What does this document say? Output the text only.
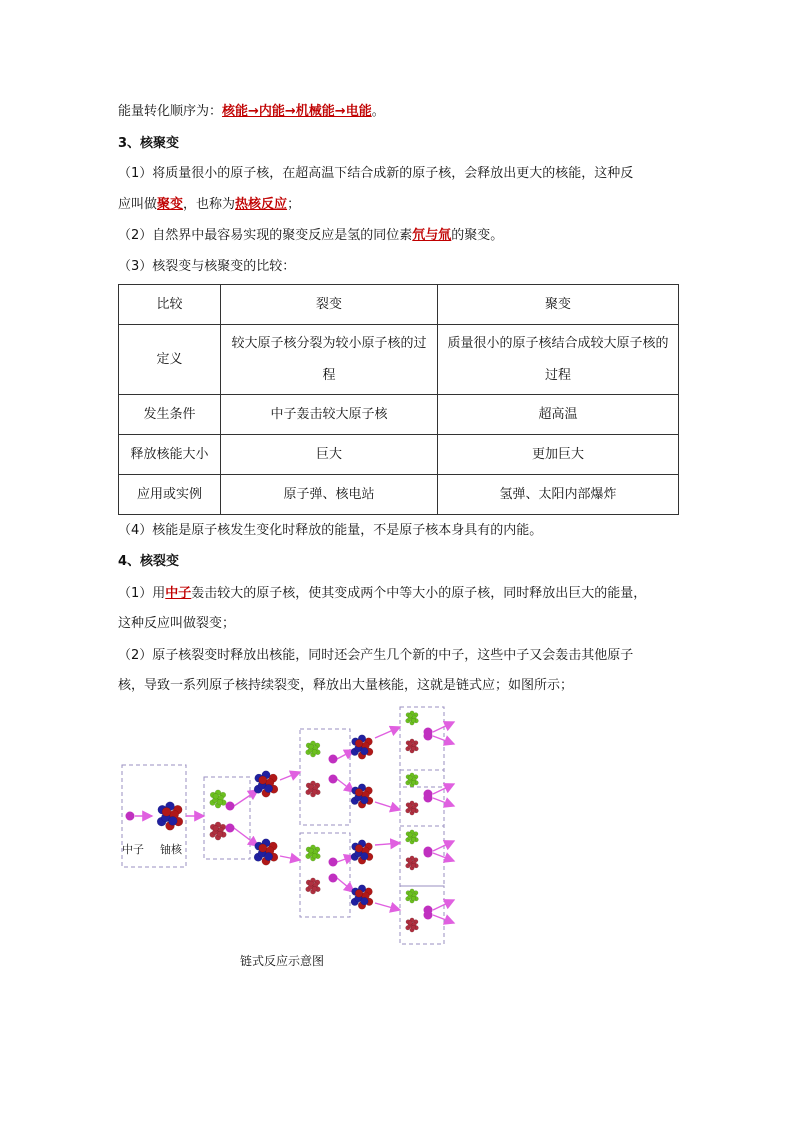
能量转化顺序为：核能→内能→机械能→电能。
3、核聚变
（1）将质量很小的原子核，在超高温下结合成新的原子核，会释放出更大的核能，这种反
应叫做聚变，也称为热核反应；
（2）自然界中最容易实现的聚变反应是氢的同位素氘与氚的聚变。
（3）核裂变与核聚变的比较：
比较	裂变	聚变
定义	较大原子核分裂为较小原子核的过程	质量很小的原子核结合成较大原子核的过程
发生条件	中子轰击较大原子核	超高温
释放核能大小	巨大	更加巨大
应用或实例	原子弹、核电站	氢弹、太阳内部爆炸
（4）核能是原子核发生变化时释放的能量，不是原子核本身具有的内能。
4、核裂变
（1）用中子轰击较大的原子核，使其变成两个中等大小的原子核，同时释放出巨大的能量，
这种反应叫做裂变；
（2）原子核裂变时释放出核能，同时还会产生几个新的中子，这些中子又会轰击其他原子
核，导致一系列原子核持续裂变，释放出大量核能，这就是链式应；如图所示；
中子 铀核
链式反应示意图
